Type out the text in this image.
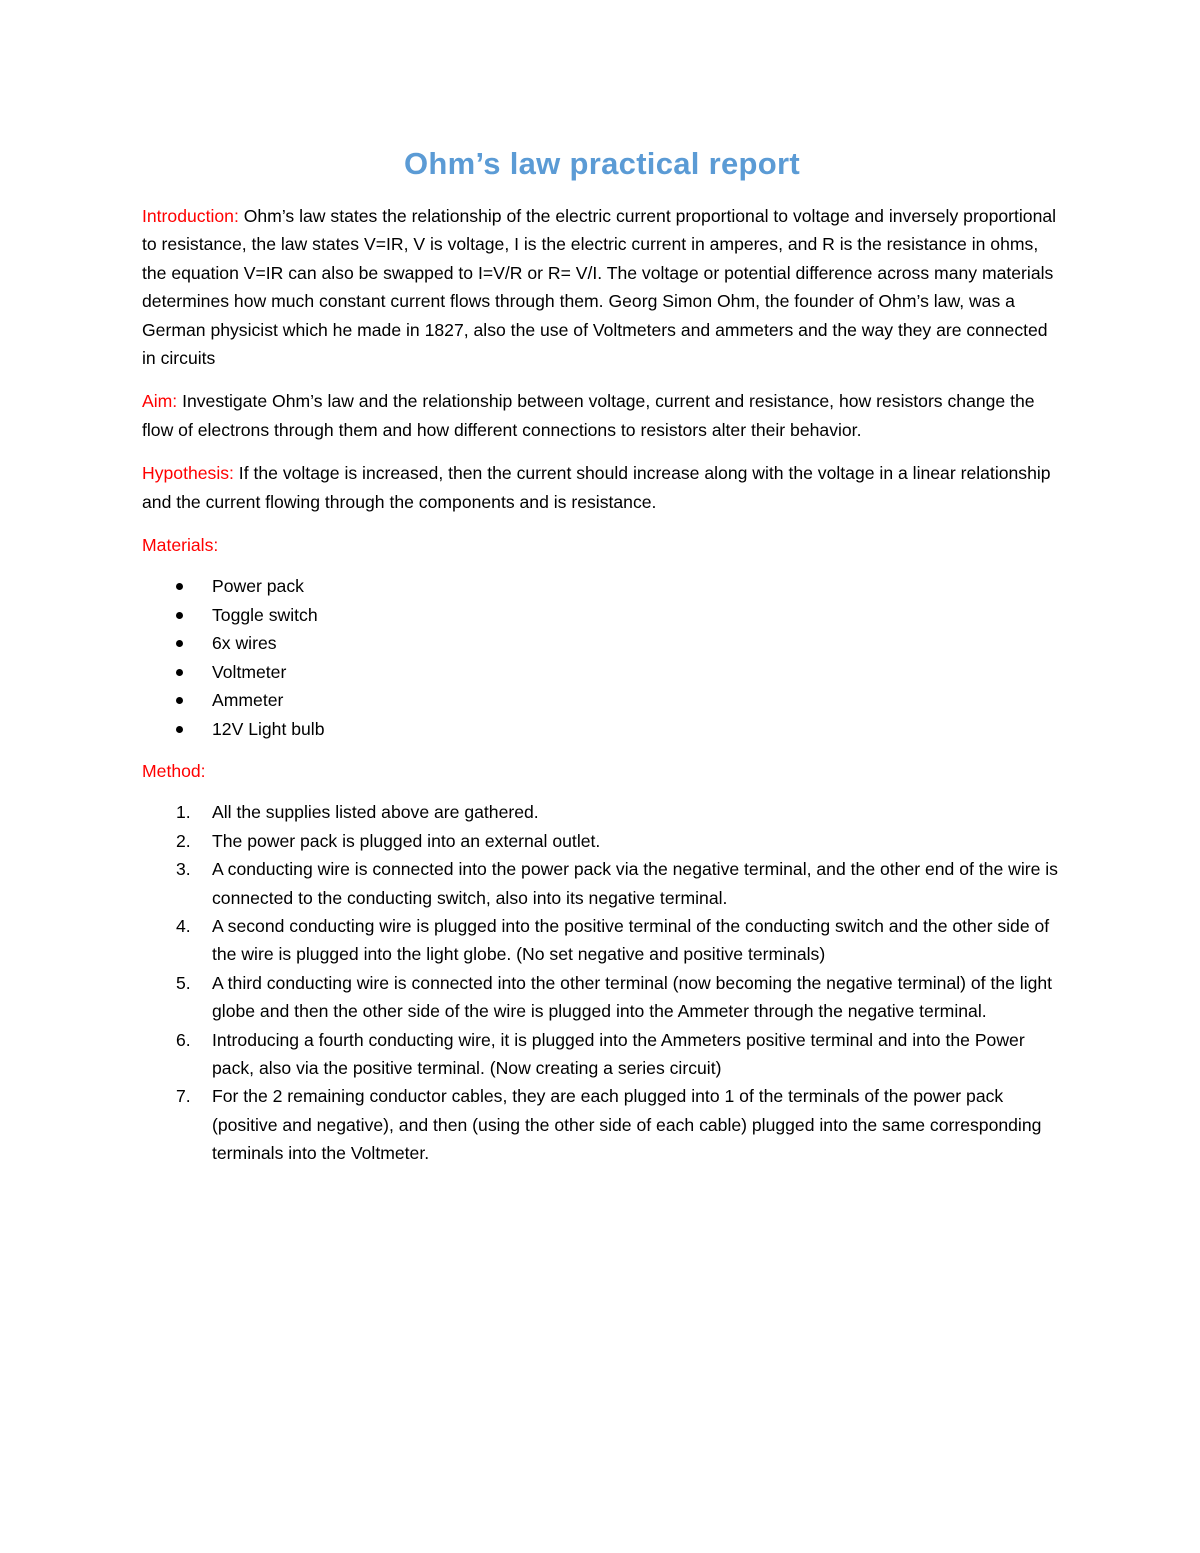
Ohm’s law practical report

Introduction: Ohm’s law states the relationship of the electric current proportional to voltage and inversely proportional to resistance, the law states V=IR, V is voltage, I is the electric current in amperes, and R is the resistance in ohms, the equation V=IR can also be swapped to I=V/R or R= V/I. The voltage or potential difference across many materials determines how much constant current flows through them. Georg Simon Ohm, the founder of Ohm’s law, was a German physicist which he made in 1827, also the use of Voltmeters and ammeters and the way they are connected in circuits

Aim: Investigate Ohm’s law and the relationship between voltage, current and resistance, how resistors change the flow of electrons through them and how different connections to resistors alter their behavior.

Hypothesis: If the voltage is increased, then the current should increase along with the voltage in a linear relationship and the current flowing through the components and is resistance.

Materials:

Power pack
Toggle switch
6x wires
Voltmeter
Ammeter
12V Light bulb

Method:

1. All the supplies listed above are gathered.
2. The power pack is plugged into an external outlet.
3. A conducting wire is connected into the power pack via the negative terminal, and the other end of the wire is connected to the conducting switch, also into its negative terminal.
4. A second conducting wire is plugged into the positive terminal of the conducting switch and the other side of the wire is plugged into the light globe. (No set negative and positive terminals)
5. A third conducting wire is connected into the other terminal (now becoming the negative terminal) of the light globe and then the other side of the wire is plugged into the Ammeter through the negative terminal.
6. Introducing a fourth conducting wire, it is plugged into the Ammeters positive terminal and into the Power pack, also via the positive terminal. (Now creating a series circuit)
7. For the 2 remaining conductor cables, they are each plugged into 1 of the terminals of the power pack (positive and negative), and then (using the other side of each cable) plugged into the same corresponding terminals into the Voltmeter.
